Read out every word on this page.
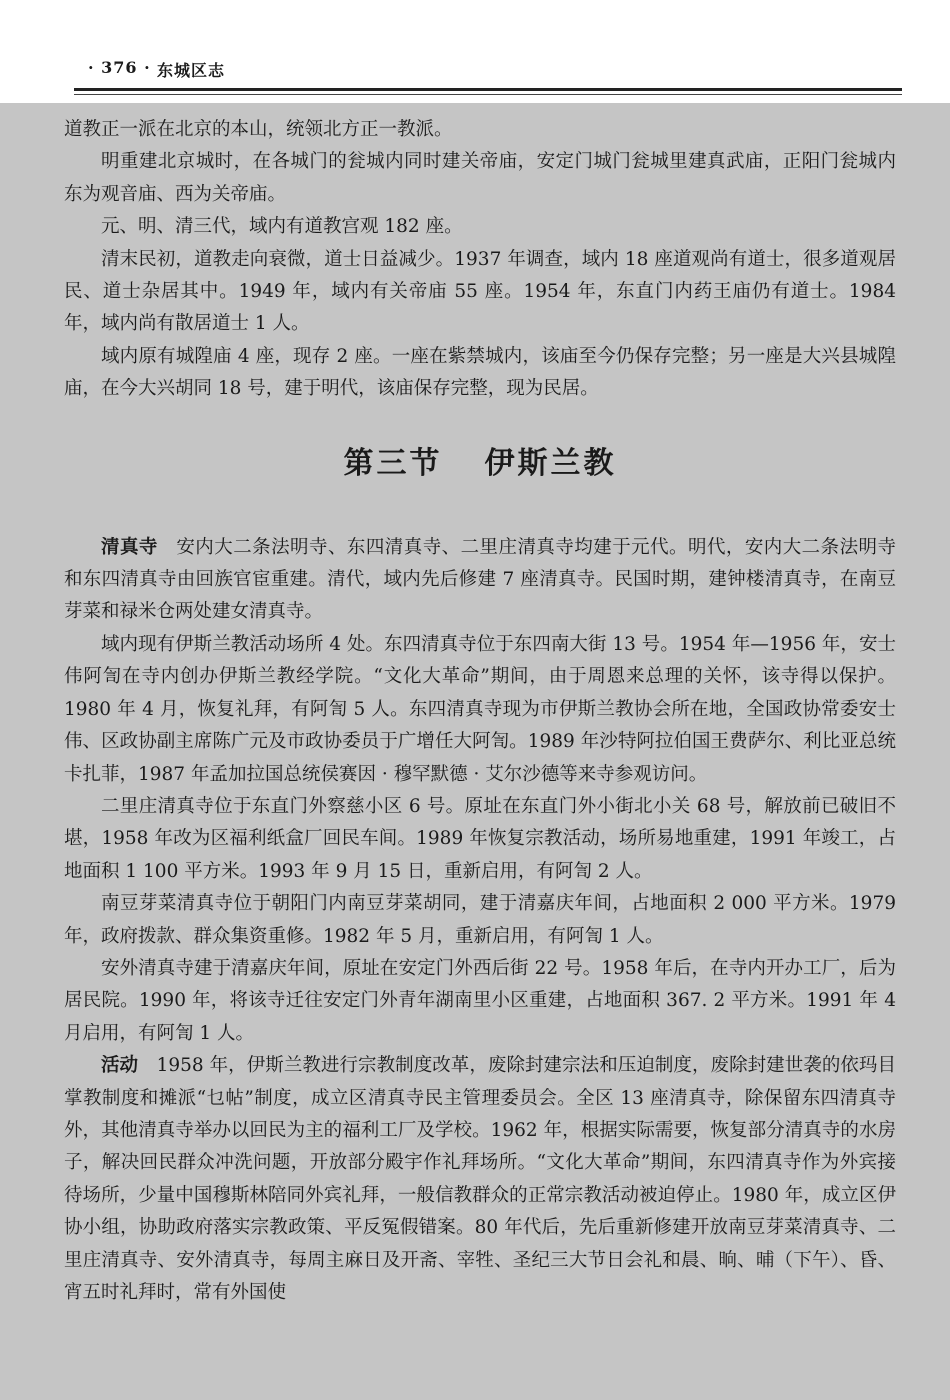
· 376 · 东城区志

道教正一派在北京的本山，统领北方正一教派。

明重建北京城时，在各城门的瓮城内同时建关帝庙，安定门城门瓮城里建真武庙，正阳门瓮城内东为观音庙、西为关帝庙。

元、明、清三代，域内有道教宫观 182 座。

清末民初，道教走向衰微，道士日益减少。1937 年调查，域内 18 座道观尚有道士，很多道观居民、道士杂居其中。1949 年，域内有关帝庙 55 座。1954 年，东直门内药王庙仍有道士。1984 年，域内尚有散居道士 1 人。

域内原有城隍庙 4 座，现存 2 座。一座在紫禁城内，该庙至今仍保存完整；另一座是大兴县城隍庙，在今大兴胡同 18 号，建于明代，该庙保存完整，现为民居。

第三节 伊斯兰教

清真寺 安内大二条法明寺、东四清真寺、二里庄清真寺均建于元代。明代，安内大二条法明寺和东四清真寺由回族官宦重建。清代，域内先后修建 7 座清真寺。民国时期，建钟楼清真寺，在南豆芽菜和禄米仓两处建女清真寺。

域内现有伊斯兰教活动场所 4 处。东四清真寺位于东四南大街 13 号。1954 年—1956 年，安士伟阿訇在寺内创办伊斯兰教经学院。“文化大革命”期间，由于周恩来总理的关怀，该寺得以保护。1980 年 4 月，恢复礼拜，有阿訇 5 人。东四清真寺现为市伊斯兰教协会所在地，全国政协常委安士伟、区政协副主席陈广元及市政协委员于广增任大阿訇。1989 年沙特阿拉伯国王费萨尔、利比亚总统卡扎菲，1987 年孟加拉国总统侯赛因 · 穆罕默德 · 艾尔沙德等来寺参观访问。

二里庄清真寺位于东直门外察慈小区 6 号。原址在东直门外小街北小关 68 号，解放前已破旧不堪，1958 年改为区福利纸盒厂回民车间。1989 年恢复宗教活动，场所易地重建，1991 年竣工，占地面积 1 100 平方米。1993 年 9 月 15 日，重新启用，有阿訇 2 人。

南豆芽菜清真寺位于朝阳门内南豆芽菜胡同，建于清嘉庆年间，占地面积 2 000 平方米。1979 年，政府拨款、群众集资重修。1982 年 5 月，重新启用，有阿訇 1 人。

安外清真寺建于清嘉庆年间，原址在安定门外西后街 22 号。1958 年后，在寺内开办工厂，后为居民院。1990 年，将该寺迁往安定门外青年湖南里小区重建，占地面积 367. 2 平方米。1991 年 4 月启用，有阿訇 1 人。

活动 1958 年，伊斯兰教进行宗教制度改革，废除封建宗法和压迫制度，废除封建世袭的依玛目掌教制度和摊派“乜帖”制度，成立区清真寺民主管理委员会。全区 13 座清真寺，除保留东四清真寺外，其他清真寺举办以回民为主的福利工厂及学校。1962 年，根据实际需要，恢复部分清真寺的水房子，解决回民群众冲洗问题，开放部分殿宇作礼拜场所。“文化大革命”期间，东四清真寺作为外宾接待场所，少量中国穆斯林陪同外宾礼拜，一般信教群众的正常宗教活动被迫停止。1980 年，成立区伊协小组，协助政府落实宗教政策、平反冤假错案。80 年代后，先后重新修建开放南豆芽菜清真寺、二里庄清真寺、安外清真寺，每周主麻日及开斋、宰牲、圣纪三大节日会礼和晨、晌、晡（下午）、昏、宵五时礼拜时，常有外国使
